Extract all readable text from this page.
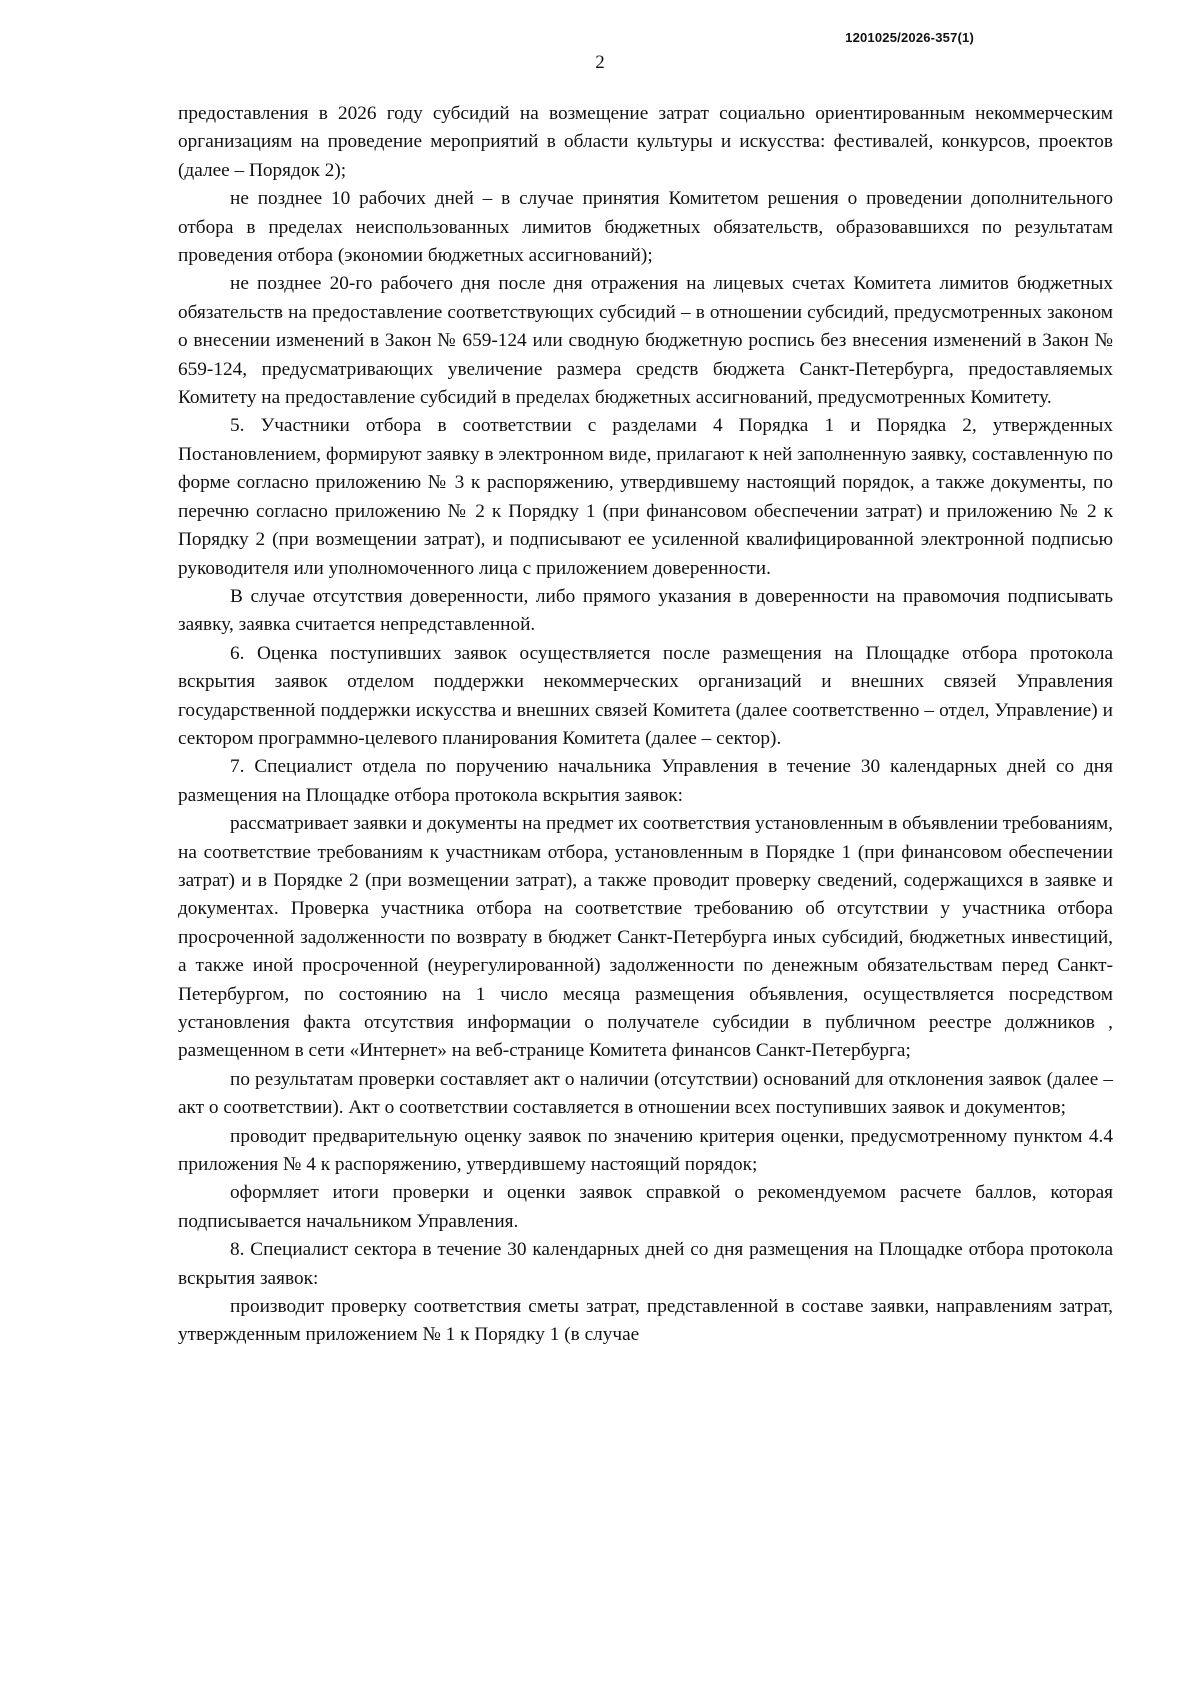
1201025/2026-357(1)
2

предоставления в 2026 году субсидий на возмещение затрат социально ориентированным некоммерческим организациям на проведение мероприятий в области культуры и искусства: фестивалей, конкурсов, проектов (далее – Порядок 2);

не позднее 10 рабочих дней – в случае принятия Комитетом решения о проведении дополнительного отбора в пределах неиспользованных лимитов бюджетных обязательств, образовавшихся по результатам проведения отбора (экономии бюджетных ассигнований);

не позднее 20-го рабочего дня после дня отражения на лицевых счетах Комитета лимитов бюджетных обязательств на предоставление соответствующих субсидий – в отношении субсидий, предусмотренных законом о внесении изменений в Закон № 659-124 или сводную бюджетную роспись без внесения изменений в Закон № 659-124, предусматривающих увеличение размера средств бюджета Санкт-Петербурга, предоставляемых Комитету на предоставление субсидий в пределах бюджетных ассигнований, предусмотренных Комитету.

5. Участники отбора в соответствии с разделами 4 Порядка 1 и Порядка 2, утвержденных Постановлением, формируют заявку в электронном виде, прилагают к ней заполненную заявку, составленную по форме согласно приложению № 3 к распоряжению, утвердившему настоящий порядок, а также документы, по перечню согласно приложению № 2 к Порядку 1 (при финансовом обеспечении затрат) и приложению № 2 к Порядку 2 (при возмещении затрат), и подписывают ее усиленной квалифицированной электронной подписью руководителя или уполномоченного лица с приложением доверенности.

В случае отсутствия доверенности, либо прямого указания в доверенности на правомочия подписывать заявку, заявка считается непредставленной.

6. Оценка поступивших заявок осуществляется после размещения на Площадке отбора протокола вскрытия заявок отделом поддержки некоммерческих организаций и внешних связей Управления государственной поддержки искусства и внешних связей Комитета (далее соответственно – отдел, Управление) и сектором программно-целевого планирования Комитета (далее – сектор).

7. Специалист отдела по поручению начальника Управления в течение 30 календарных дней со дня размещения на Площадке отбора протокола вскрытия заявок:

рассматривает заявки и документы на предмет их соответствия установленным в объявлении требованиям, на соответствие требованиям к участникам отбора, установленным в Порядке 1 (при финансовом обеспечении затрат) и в Порядке 2 (при возмещении затрат), а также проводит проверку сведений, содержащихся в заявке и документах. Проверка участника отбора на соответствие требованию об отсутствии у участника отбора просроченной задолженности по возврату в бюджет Санкт-Петербурга иных субсидий, бюджетных инвестиций, а также иной просроченной (неурегулированной) задолженности по денежным обязательствам перед Санкт-Петербургом, по состоянию на 1 число месяца размещения объявления, осуществляется посредством установления факта отсутствия информации о получателе субсидии в публичном реестре должников , размещенном в сети «Интернет» на веб-странице Комитета финансов Санкт-Петербурга;

по результатам проверки составляет акт о наличии (отсутствии) оснований для отклонения заявок (далее – акт о соответствии). Акт о соответствии составляется в отношении всех поступивших заявок и документов;

проводит предварительную оценку заявок по значению критерия оценки, предусмотренному пунктом 4.4 приложения № 4 к распоряжению, утвердившему настоящий порядок;

оформляет итоги проверки и оценки заявок справкой о рекомендуемом расчете баллов, которая подписывается начальником Управления.

8. Специалист сектора в течение 30 календарных дней со дня размещения на Площадке отбора протокола вскрытия заявок:

производит проверку соответствия сметы затрат, представленной в составе заявки, направлениям затрат, утвержденным приложением № 1 к Порядку 1 (в случае
